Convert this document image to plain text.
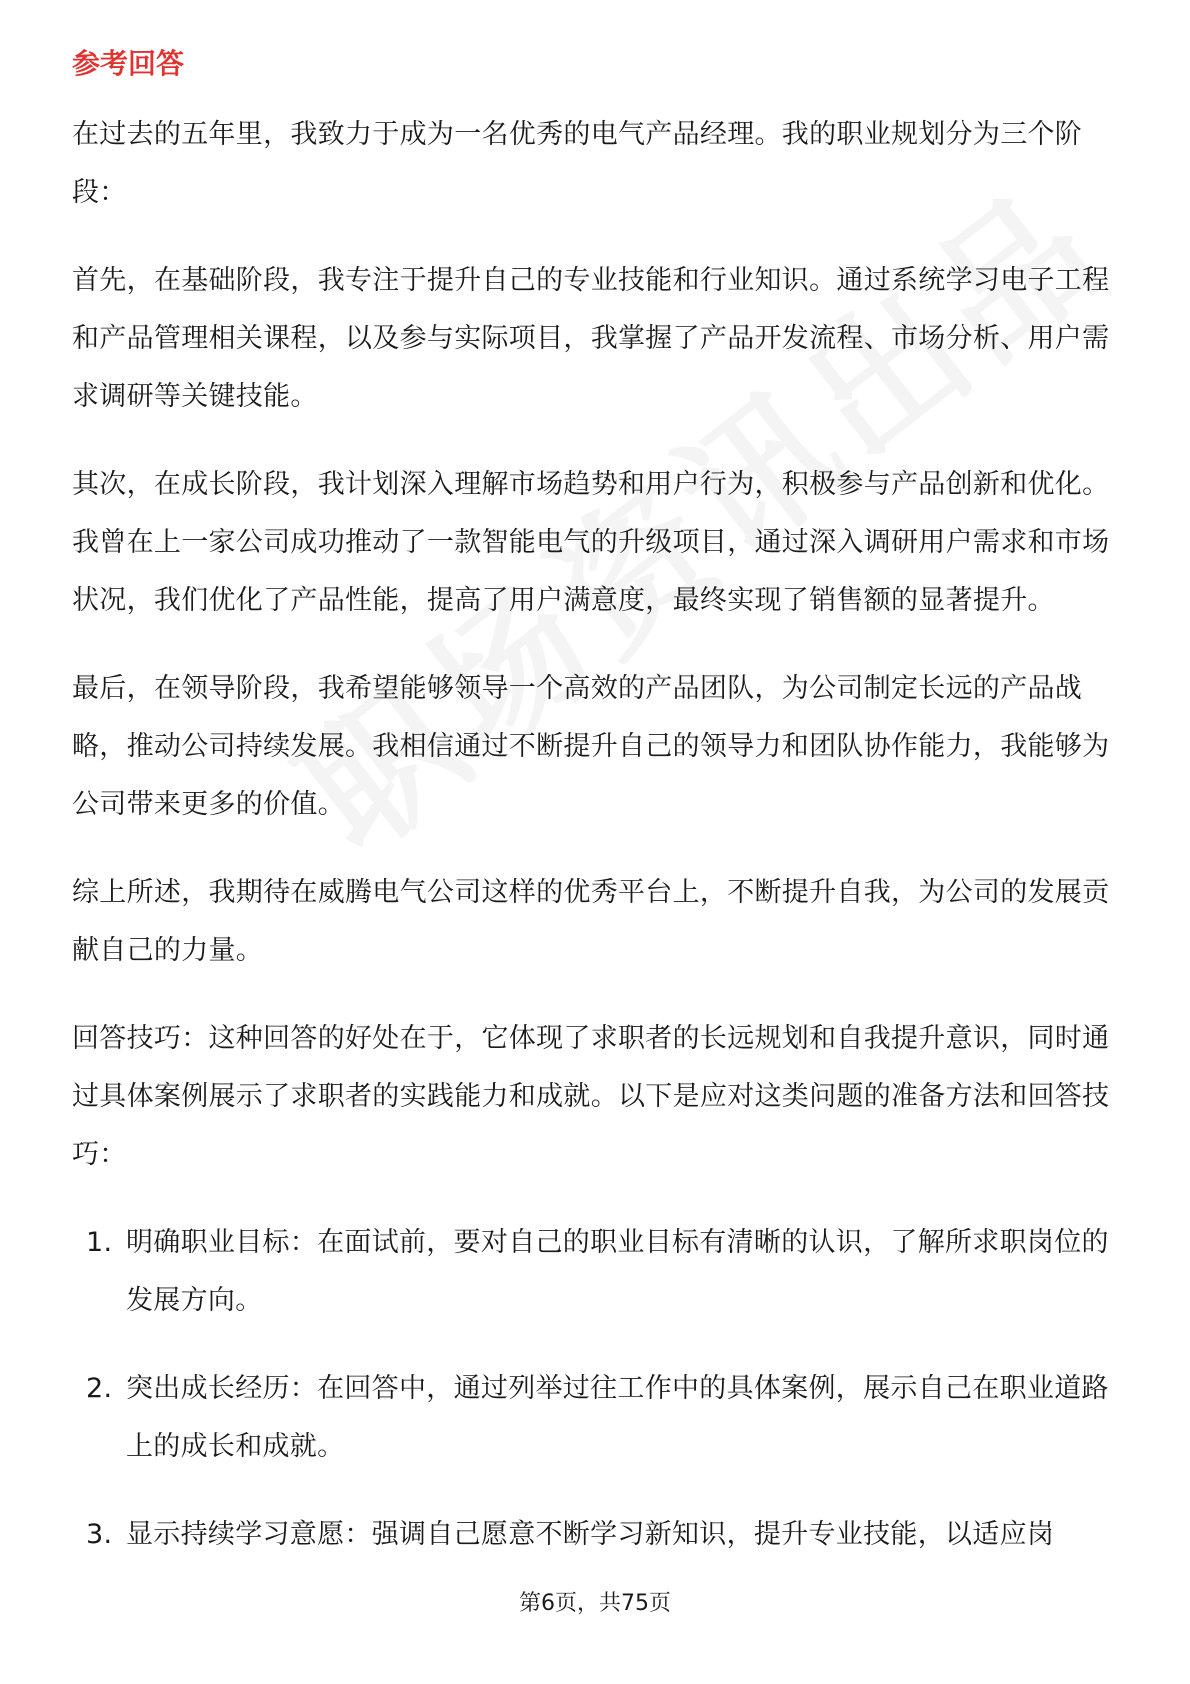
参考回答

在过去的五年里，我致力于成为一名优秀的电气产品经理。我的职业规划分为三个阶段：

首先，在基础阶段，我专注于提升自己的专业技能和行业知识。通过系统学习电子工程和产品管理相关课程，以及参与实际项目，我掌握了产品开发流程、市场分析、用户需求调研等关键技能。

其次，在成长阶段，我计划深入理解市场趋势和用户行为，积极参与产品创新和优化。我曾在上一家公司成功推动了一款智能电气的升级项目，通过深入调研用户需求和市场状况，我们优化了产品性能，提高了用户满意度，最终实现了销售额的显著提升。

最后，在领导阶段，我希望能够领导一个高效的产品团队，为公司制定长远的产品战略，推动公司持续发展。我相信通过不断提升自己的领导力和团队协作能力，我能够为公司带来更多的价值。

综上所述，我期待在威腾电气公司这样的优秀平台上，不断提升自我，为公司的发展贡献自己的力量。

回答技巧：这种回答的好处在于，它体现了求职者的长远规划和自我提升意识，同时通过具体案例展示了求职者的实践能力和成就。以下是应对这类问题的准备方法和回答技巧：

1. 明确职业目标：在面试前，要对自己的职业目标有清晰的认识，了解所求职岗位的发展方向。
2. 突出成长经历：在回答中，通过列举过往工作中的具体案例，展示自己在职业道路上的成长和成就。
3. 显示持续学习意愿：强调自己愿意不断学习新知识，提升专业技能，以适应岗
第6页，共75页
